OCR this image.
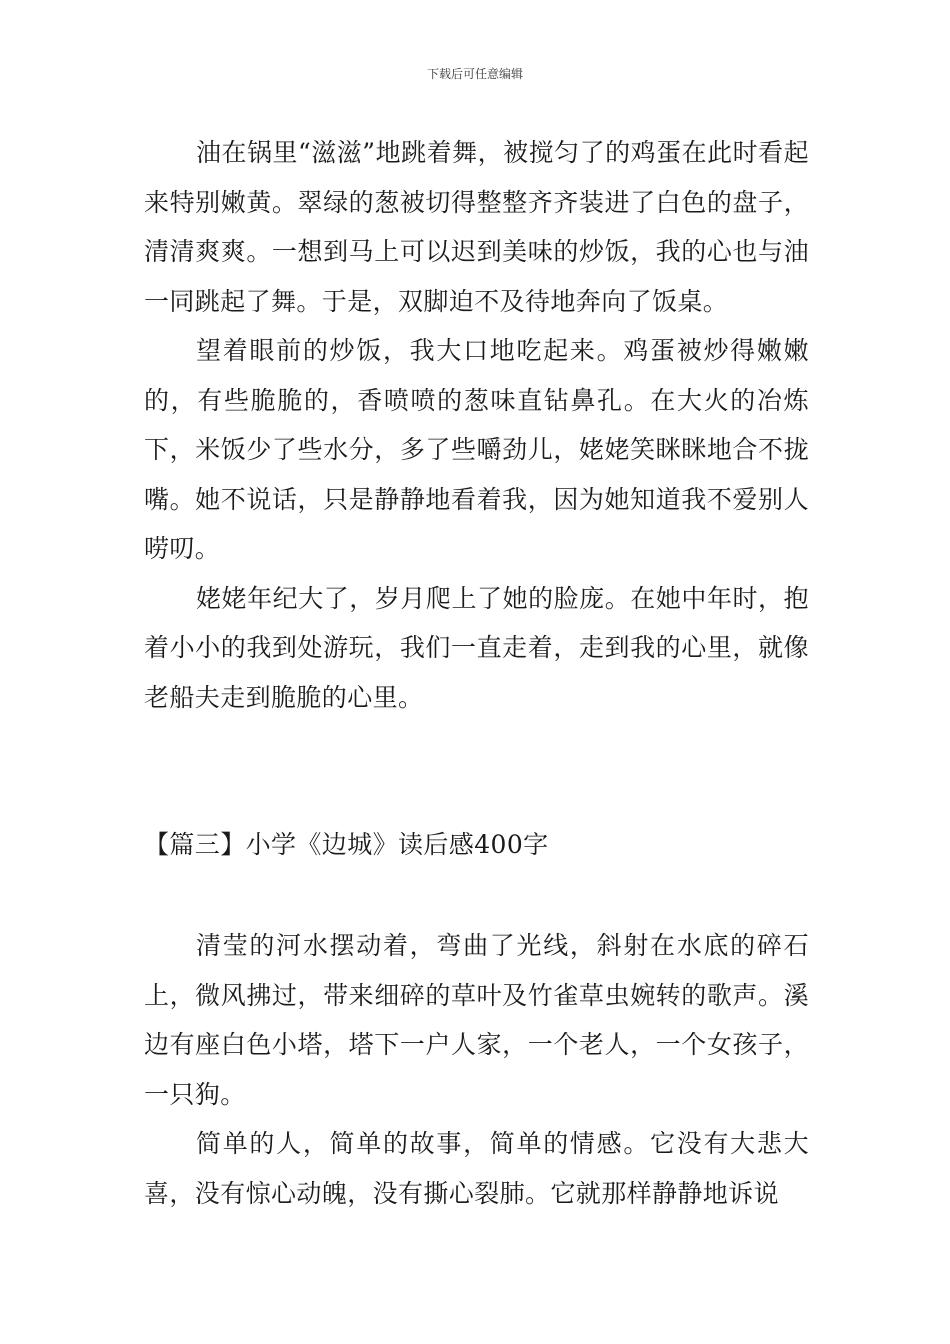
下载后可任意编辑

油在锅里“滋滋”地跳着舞，被搅匀了的鸡蛋在此时看起来特别嫩黄。翠绿的葱被切得整整齐齐装进了白色的盘子，清清爽爽。一想到马上可以迟到美味的炒饭，我的心也与油一同跳起了舞。于是，双脚迫不及待地奔向了饭桌。

望着眼前的炒饭，我大口地吃起来。鸡蛋被炒得嫩嫩的，有些脆脆的，香喷喷的葱味直钻鼻孔。在大火的冶炼下，米饭少了些水分，多了些嚼劲儿，姥姥笑眯眯地合不拢嘴。她不说话，只是静静地看着我，因为她知道我不爱别人唠叨。

姥姥年纪大了，岁月爬上了她的脸庞。在她中年时，抱着小小的我到处游玩，我们一直走着，走到我的心里，就像老船夫走到脆脆的心里。

【篇三】小学《边城》读后感400字

清莹的河水摆动着，弯曲了光线，斜射在水底的碎石上，微风拂过，带来细碎的草叶及竹雀草虫婉转的歌声。溪边有座白色小塔，塔下一户人家，一个老人，一个女孩子，一只狗。

简单的人，简单的故事，简单的情感。它没有大悲大喜，没有惊心动魄，没有撕心裂肺。它就那样静静地诉说
